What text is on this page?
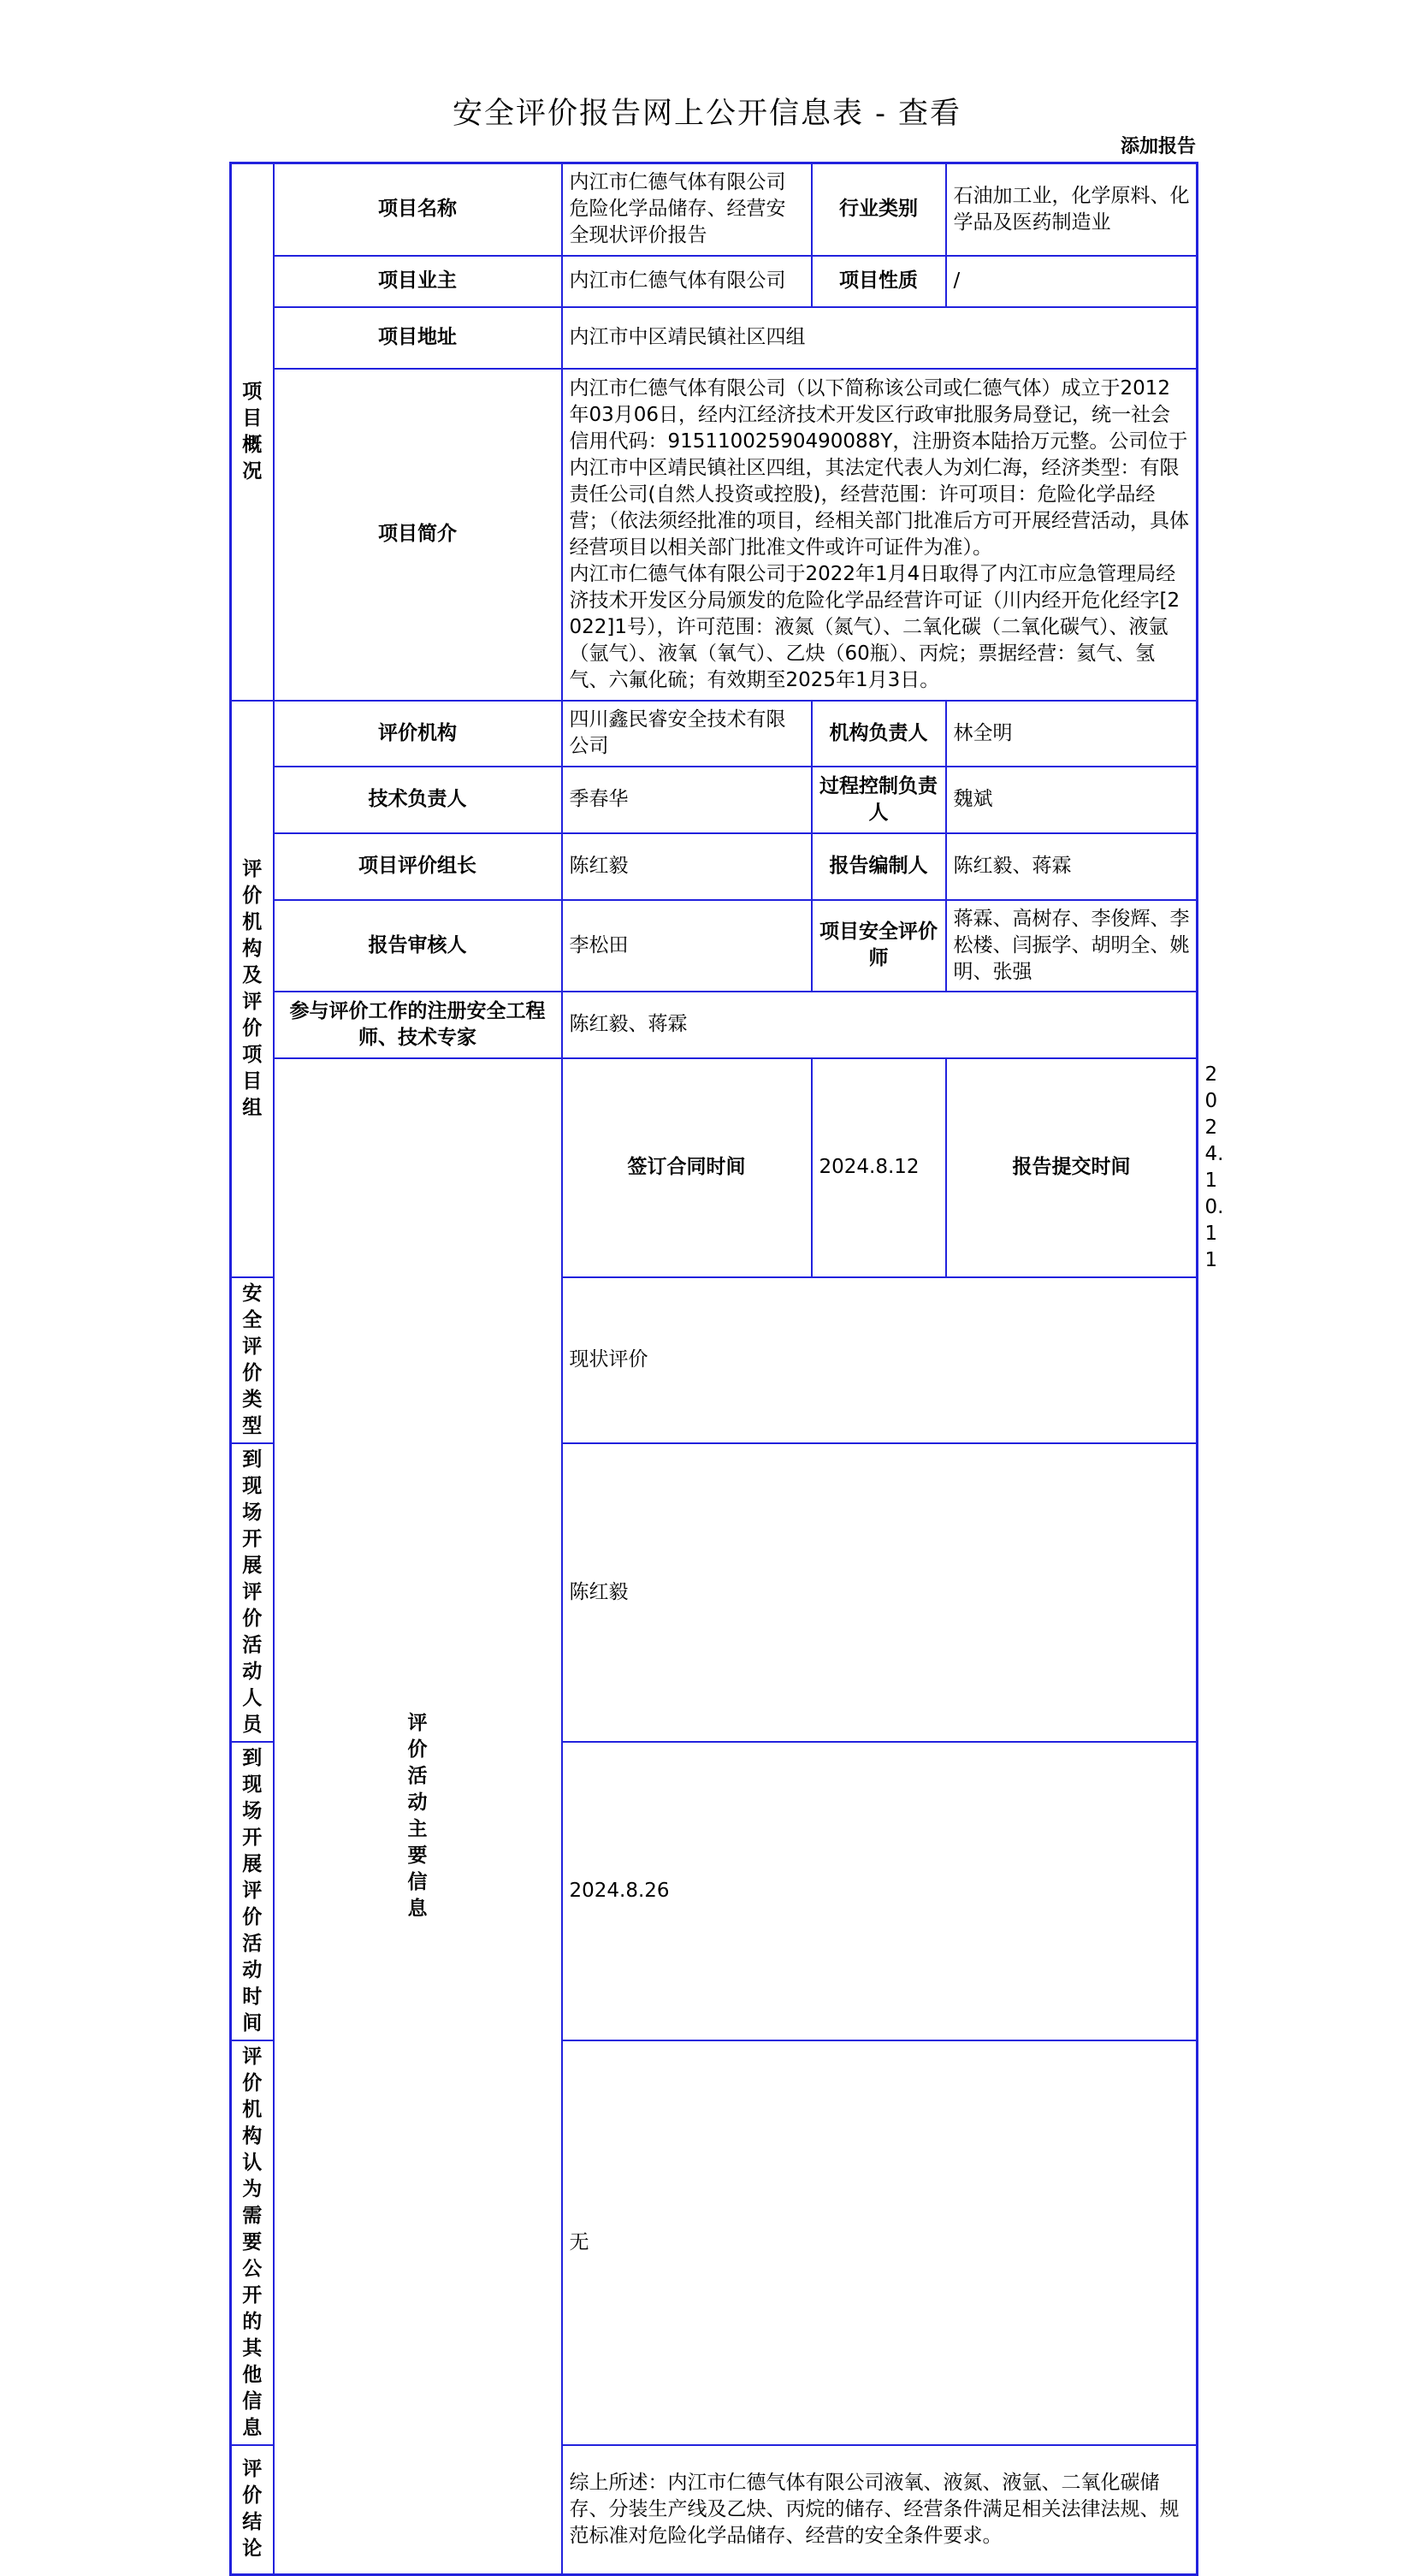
安全评价报告网上公开信息表 - 查看
添加报告
项目概况	项目名称	内江市仁德气体有限公司危险化学品储存、经营安全现状评价报告	行业类别	石油加工业，化学原料、化学品及医药制造业	
	项目业主	内江市仁德气体有限公司	项目性质	/	
	项目地址	内江市中区靖民镇社区四组			
	项目简介	内江市仁德气体有限公司（以下简称该公司或仁德气体）成立于2012年03月06日，经内江经济技术开发区行政审批服务局登记，统一社会信用代码：91511002590490088Y，注册资本陆拾万元整。公司位于内江市中区靖民镇社区四组，其法定代表人为刘仁海，经济类型：有限责任公司(自然人投资或控股)，经营范围：许可项目：危险化学品经营；（依法须经批准的项目，经相关部门批准后方可开展经营活动，具体经营项目以相关部门批准文件或许可证件为准）。
内江市仁德气体有限公司于2022年1月4日取得了内江市应急管理局经济技术开发区分局颁发的危险化学品经营许可证（川内经开危化经字[2022]1号），许可范围：液氮（氮气）、二氧化碳（二氧化碳气）、液氩（氩气）、液氧（氧气）、乙炔（60瓶）、丙烷；票据经营：氦气、氢气、六氟化硫；有效期至2025年1月3日。			

评价机构及评价项目组	评价机构	四川鑫民睿安全技术有限公司	机构负责人	林全明	
	技术负责人	季春华	过程控制负责人	魏斌	
	项目评价组长	陈红毅	报告编制人	陈红毅、蒋霖	
	报告审核人	李松田	项目安全评价师	蒋霖、高树存、李俊辉、李松楼、闫振学、胡明全、姚明、张强	
	参与评价工作的注册安全工程师、技术专家	陈红毅、蒋霖			
	评价活动主要信息	签订合同时间	2024.8.12	报告提交时间	2024.10.11
安全评价类型		现状评价			
到现场开展评价活动人员		陈红毅			
到现场开展评价活动时间		2024.8.26			
评价机构认为需要公开的其他信息		无			
评价结论		综上所述：内江市仁德气体有限公司液氧、液氮、液氩、二氧化碳储存、分装生产线及乙炔、丙烷的储存、经营条件满足相关法律法规、规范标准对危险化学品储存、经营的安全条件要求。			
